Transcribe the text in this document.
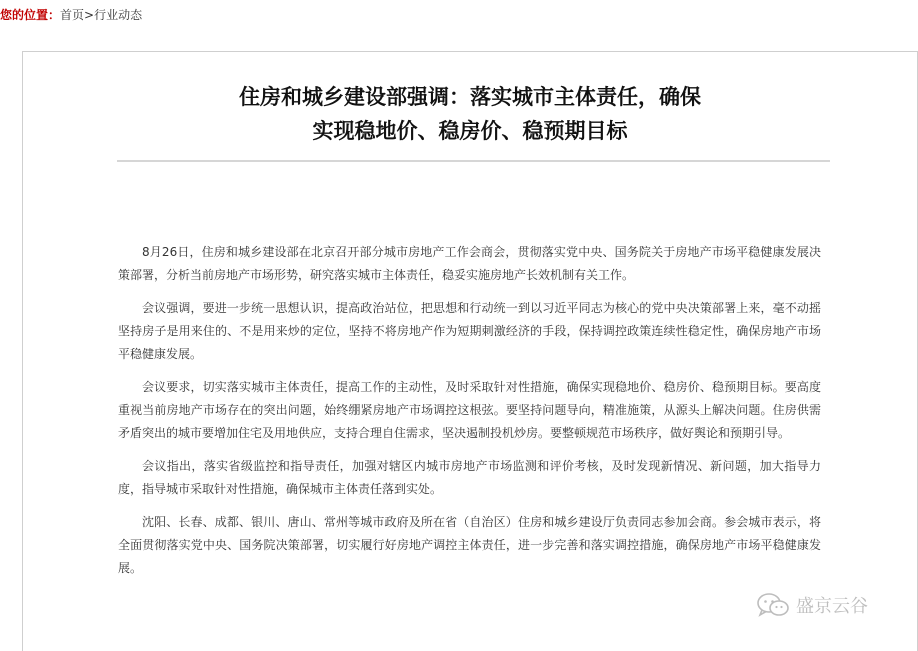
您的位置：首页>行业动态
住房和城乡建设部强调：落实城市主体责任，确保
实现稳地价、稳房价、稳预期目标

8月26日，住房和城乡建设部在北京召开部分城市房地产工作会商会，贯彻落实党中央、国务院关于房地产市场平稳健康发展决策部署，分析当前房地产市场形势，研究落实城市主体责任，稳妥实施房地产长效机制有关工作。

会议强调，要进一步统一思想认识，提高政治站位，把思想和行动统一到以习近平同志为核心的党中央决策部署上来，毫不动摇坚持房子是用来住的、不是用来炒的定位，坚持不将房地产作为短期刺激经济的手段，保持调控政策连续性稳定性，确保房地产市场平稳健康发展。

会议要求，切实落实城市主体责任，提高工作的主动性，及时采取针对性措施，确保实现稳地价、稳房价、稳预期目标。要高度重视当前房地产市场存在的突出问题，始终绷紧房地产市场调控这根弦。要坚持问题导向，精准施策，从源头上解决问题。住房供需矛盾突出的城市要增加住宅及用地供应，支持合理自住需求，坚决遏制投机炒房。要整顿规范市场秩序，做好舆论和预期引导。

会议指出，落实省级监控和指导责任，加强对辖区内城市房地产市场监测和评价考核，及时发现新情况、新问题，加大指导力度，指导城市采取针对性措施，确保城市主体责任落到实处。

沈阳、长春、成都、银川、唐山、常州等城市政府及所在省（自治区）住房和城乡建设厅负责同志参加会商。参会城市表示，将全面贯彻落实党中央、国务院决策部署，切实履行好房地产调控主体责任，进一步完善和落实调控措施，确保房地产市场平稳健康发展。

盛京云谷
